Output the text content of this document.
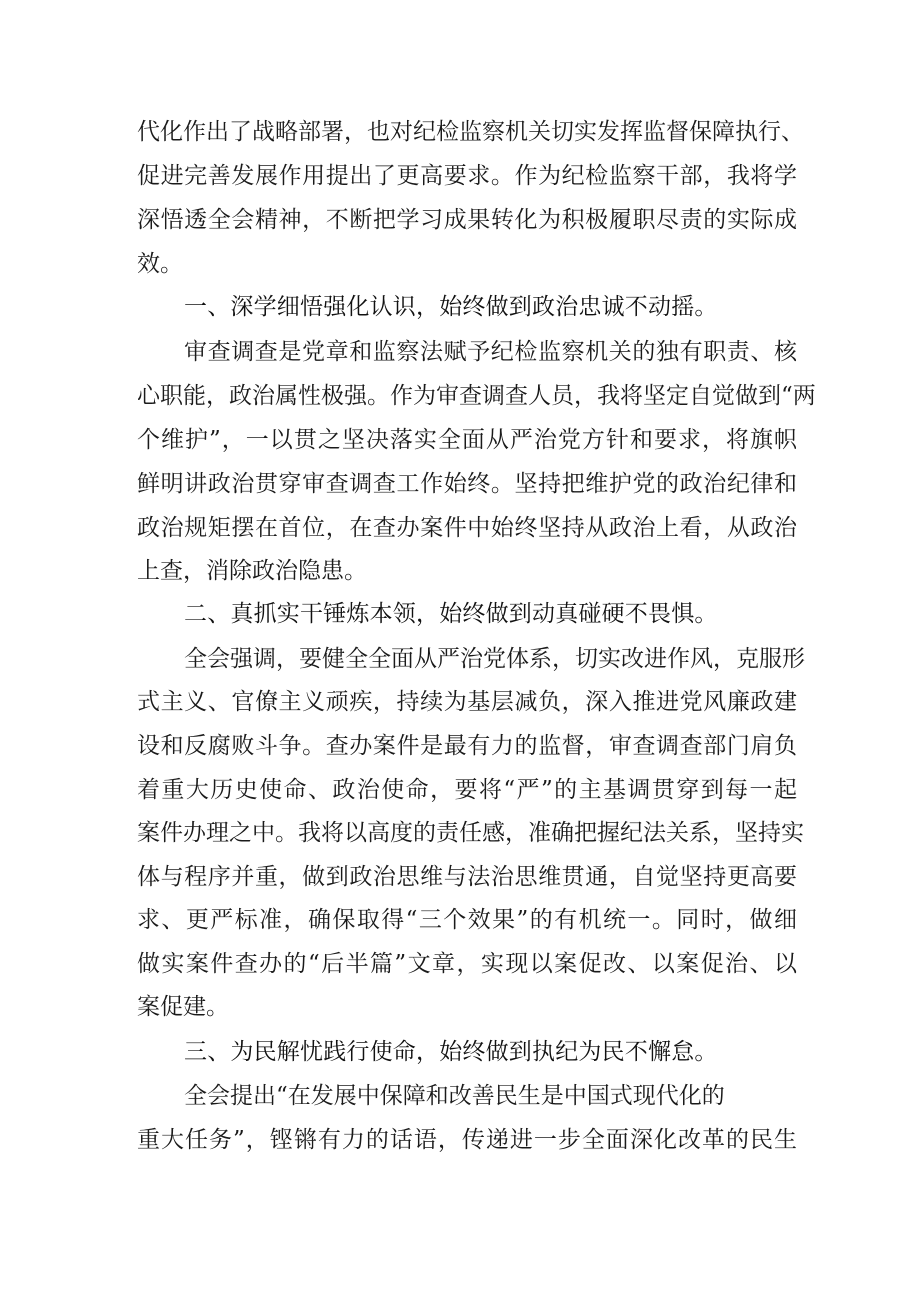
代化作出了战略部署，也对纪检监察机关切实发挥监督保障执行、
促进完善发展作用提出了更高要求。作为纪检监察干部，我将学
深悟透全会精神，不断把学习成果转化为积极履职尽责的实际成
效。
一、深学细悟强化认识，始终做到政治忠诚不动摇。
审查调查是党章和监察法赋予纪检监察机关的独有职责、核
心职能，政治属性极强。作为审查调查人员，我将坚定自觉做到“两
个维护”，一以贯之坚决落实全面从严治党方针和要求，将旗帜
鲜明讲政治贯穿审查调查工作始终。坚持把维护党的政治纪律和
政治规矩摆在首位，在查办案件中始终坚持从政治上看，从政治
上查，消除政治隐患。
二、真抓实干锤炼本领，始终做到动真碰硬不畏惧。
全会强调，要健全全面从严治党体系，切实改进作风，克服形
式主义、官僚主义顽疾，持续为基层减负，深入推进党风廉政建
设和反腐败斗争。查办案件是最有力的监督，审查调查部门肩负
着重大历史使命、政治使命，要将“严”的主基调贯穿到每一起
案件办理之中。我将以高度的责任感，准确把握纪法关系，坚持实
体与程序并重，做到政治思维与法治思维贯通，自觉坚持更高要
求、更严标准，确保取得“三个效果”的有机统一。同时，做细
做实案件查办的“后半篇”文章，实现以案促改、以案促治、以
案促建。
三、为民解忧践行使命，始终做到执纪为民不懈怠。
全会提出“在发展中保障和改善民生是中国式现代化的
重大任务”，铿锵有力的话语，传递进一步全面深化改革的民生
